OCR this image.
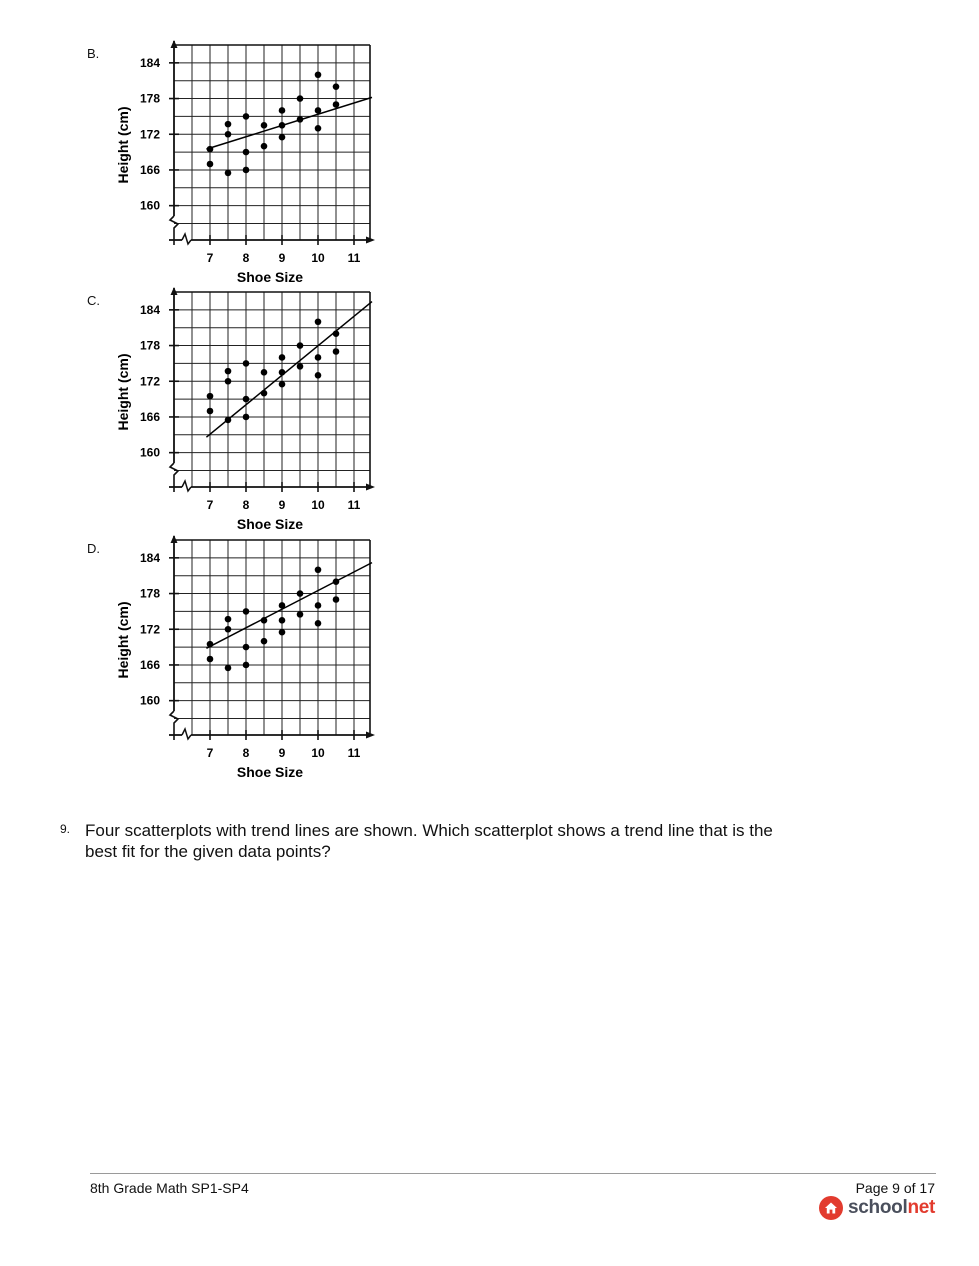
B.
184
178
172
166
160
7 8 9 10 11
Shoe Size
Height (cm)
C.
184
178
172
166
160
7 8 9 10 11
Shoe Size
Height (cm)
D.
184
178
172
166
160
7 8 9 10 11
Shoe Size
Height (cm)
9. Four scatterplots with trend lines are shown. Which scatterplot shows a trend line that is the best fit for the given data points?
8th Grade Math SP1-SP4	Page 9 of 17
schoolnet
